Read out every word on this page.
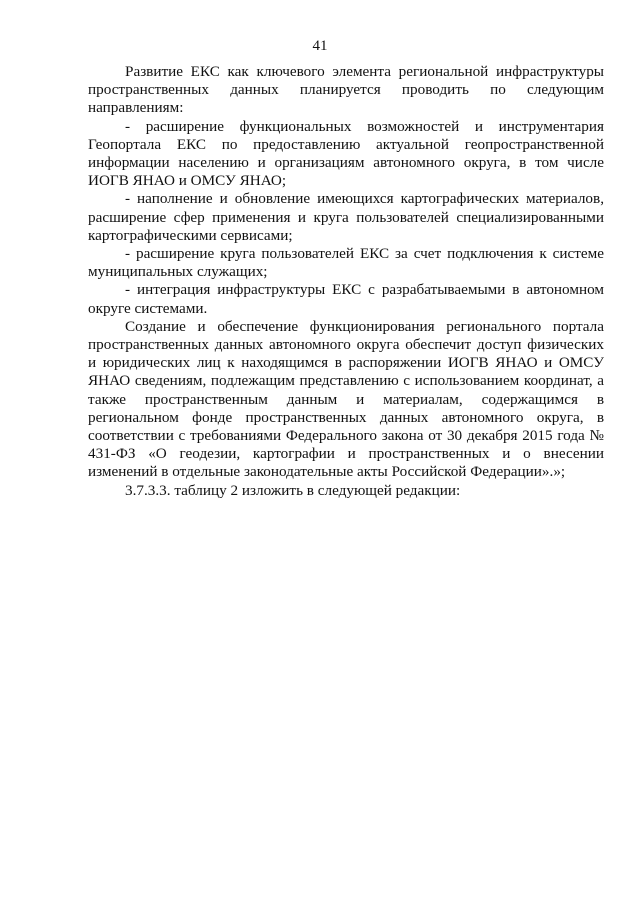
41

Развитие ЕКС как ключевого элемента региональной инфраструктуры пространственных данных планируется проводить по следующим направлениям:

- расширение функциональных возможностей и инструментария Геопортала ЕКС по предоставлению актуальной геопространственной информации населению и организациям автономного округа, в том числе ИОГВ ЯНАО и ОМСУ ЯНАО;

- наполнение и обновление имеющихся картографических материалов, расширение сфер применения и круга пользователей специализированными картографическими сервисами;

- расширение круга пользователей ЕКС за счет подключения к системе муниципальных служащих;

- интеграция инфраструктуры ЕКС с разрабатываемыми в автономном округе системами.

Создание и обеспечение функционирования регионального портала пространственных данных автономного округа обеспечит доступ физических и юридических лиц к находящимся в распоряжении ИОГВ ЯНАО и ОМСУ ЯНАО сведениям, подлежащим представлению с использованием координат, а также пространственным данным и материалам, содержащимся в региональном фонде пространственных данных автономного округа, в соответствии с требованиями Федерального закона от 30 декабря 2015 года № 431-ФЗ «О геодезии, картографии и пространственных и о внесении изменений в отдельные законодательные акты Российской Федерации».»;

3.7.3.3. таблицу 2 изложить в следующей редакции:
